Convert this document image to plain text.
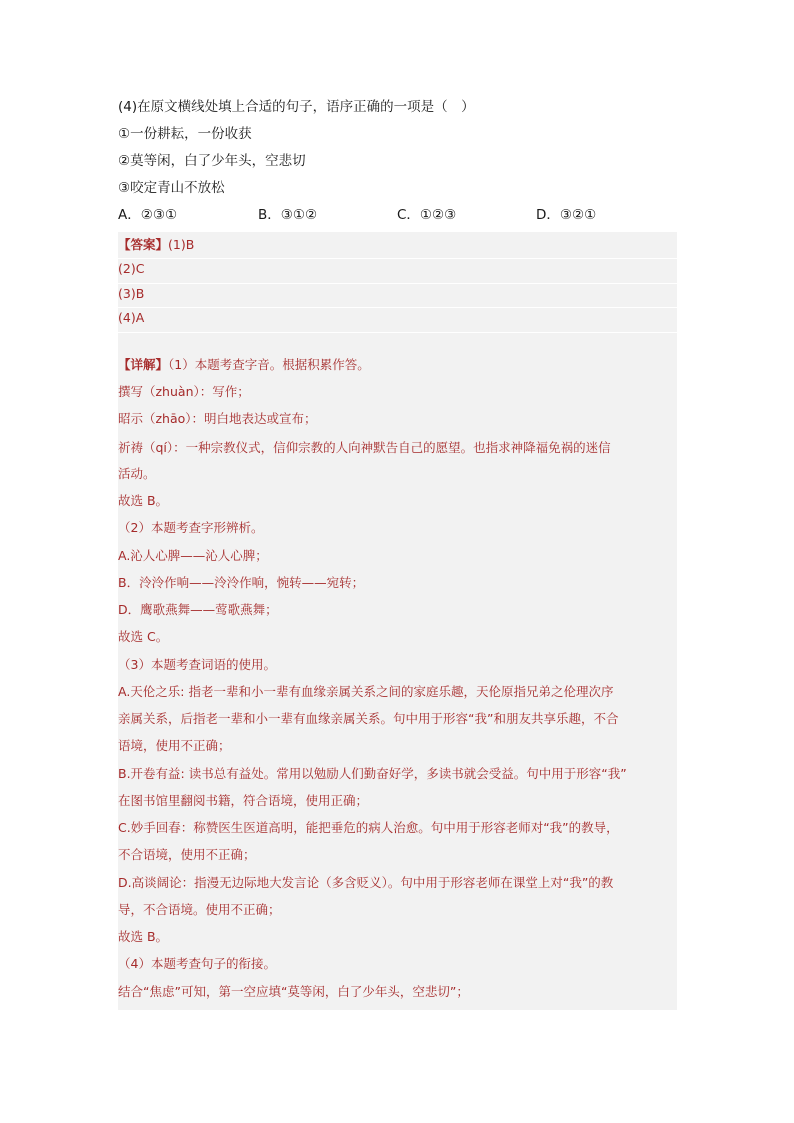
(4)在原文横线处填上合适的句子，语序正确的一项是（　）
①一份耕耘，一份收获
②莫等闲，白了少年头，空悲切
③咬定青山不放松
A．②③①	B．③①②	C．①②③	D．③②①
【答案】(1)B
(2)C
(3)B
(4)A
【详解】（1）本题考查字音。根据积累作答。
撰写（zhuàn）：写作；
昭示（zhāo）：明白地表达或宣布；
祈祷（qí）：一种宗教仪式，信仰宗教的人向神默告自己的愿望。也指求神降福免祸的迷信
活动。
故选 B。
（2）本题考查字形辨析。
A.沁人心脾——沁人心脾；
B．泠泠作响——泠泠作响，惋转——宛转；
D．鹰歌燕舞——莺歌燕舞；
故选 C。
（3）本题考查词语的使用。
A.天伦之乐: 指老一辈和小一辈有血缘亲属关系之间的家庭乐趣，天伦原指兄弟之伦理次序
亲属关系，后指老一辈和小一辈有血缘亲属关系。句中用于形容“我”和朋友共享乐趣，不合
语境，使用不正确；
B.开卷有益: 读书总有益处。常用以勉励人们勤奋好学，多读书就会受益。句中用于形容“我”
在图书馆里翻阅书籍，符合语境，使用正确；
C.妙手回春：称赞医生医道高明，能把垂危的病人治愈。句中用于形容老师对“我”的教导，
不合语境，使用不正确；
D.高谈阔论：指漫无边际地大发言论（多含贬义）。句中用于形容老师在课堂上对“我”的教
导，不合语境。使用不正确；
故选 B。
（4）本题考查句子的衔接。
结合“焦虑”可知，第一空应填“莫等闲，白了少年头，空悲切”；
